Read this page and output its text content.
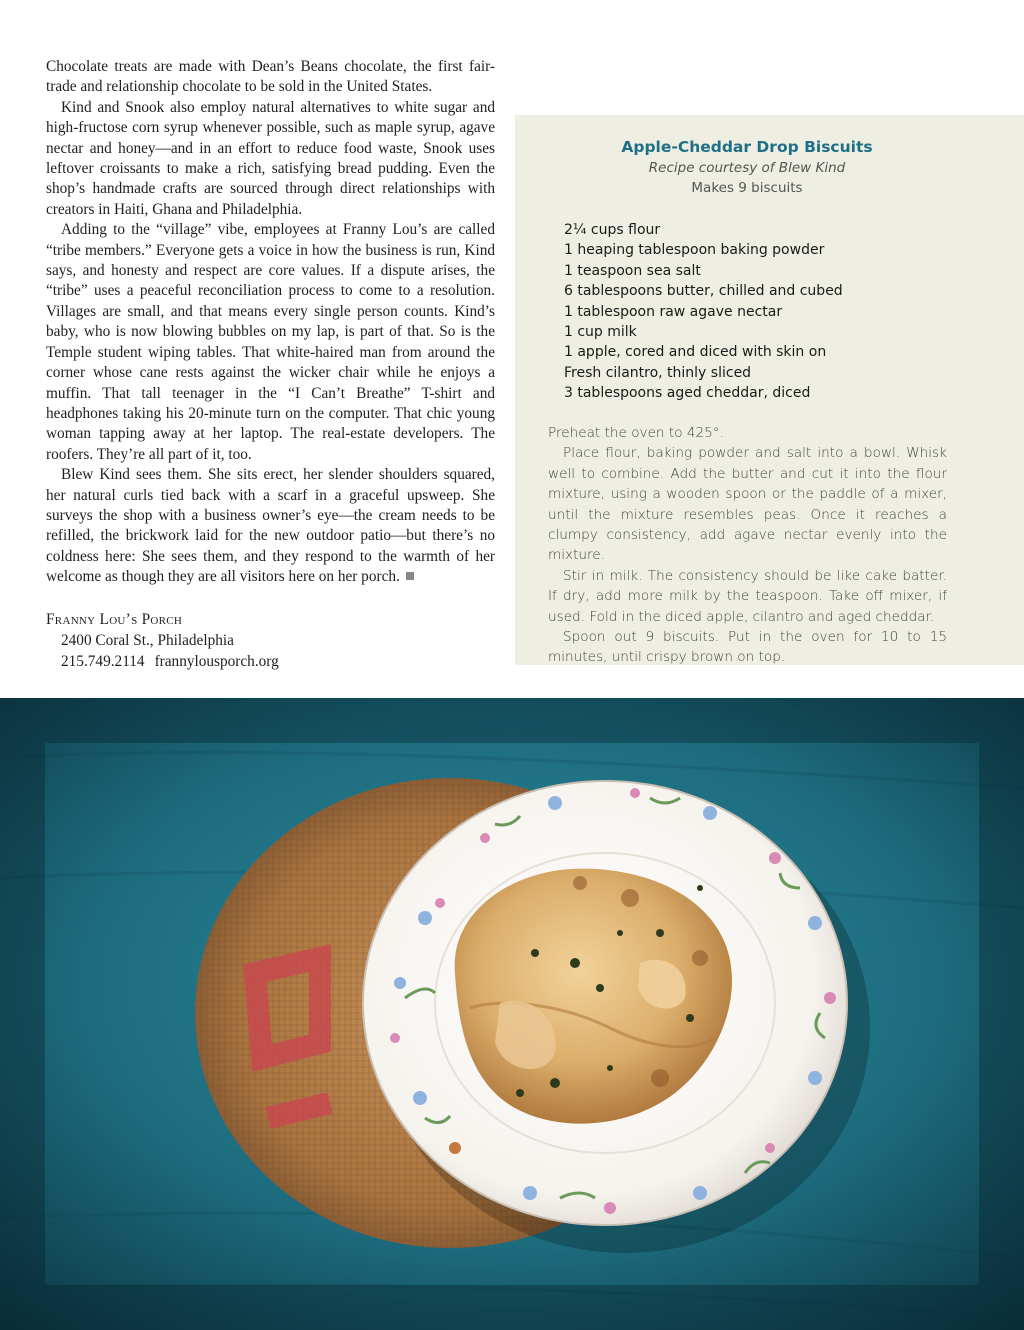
Chocolate treats are made with Dean’s Beans chocolate, the first fair-trade and relationship chocolate to be sold in the United States.

Kind and Snook also employ natural alternatives to white sugar and high-fructose corn syrup whenever possible, such as maple syrup, agave nectar and honey—and in an effort to reduce food waste, Snook uses leftover croissants to make a rich, satisfying bread pudding. Even the shop’s handmade crafts are sourced through direct relationships with creators in Haiti, Ghana and Philadelphia.

Adding to the “village” vibe, employees at Franny Lou’s are called “tribe members.” Everyone gets a voice in how the business is run, Kind says, and honesty and respect are core values. If a dispute arises, the “tribe” uses a peaceful reconciliation process to come to a resolution. Villages are small, and that means every single person counts. Kind’s baby, who is now blowing bubbles on my lap, is part of that. So is the Temple student wiping tables. That white-haired man from around the corner whose cane rests against the wicker chair while he enjoys a muffin. That tall teenager in the “I Can’t Breathe” T-shirt and headphones taking his 20-minute turn on the computer. That chic young woman tapping away at her laptop. The real-estate developers. The roofers. They’re all part of it, too.

Blew Kind sees them. She sits erect, her slender shoulders squared, her natural curls tied back with a scarf in a graceful upsweep. She surveys the shop with a business owner’s eye—the cream needs to be refilled, the brickwork laid for the new outdoor patio—but there’s no coldness here: She sees them, and they respond to the warmth of her welcome as though they are all visitors here on her porch.

Franny Lou’s Porch
2400 Coral St., Philadelphia
215.749.2114 frannylousporch.org
Apple-Cheddar Drop Biscuits
Recipe courtesy of Blew Kind
Makes 9 biscuits
2¼ cups flour
1 heaping tablespoon baking powder
1 teaspoon sea salt
6 tablespoons butter, chilled and cubed
1 tablespoon raw agave nectar
1 cup milk
1 apple, cored and diced with skin on
Fresh cilantro, thinly sliced
3 tablespoons aged cheddar, diced

Preheat the oven to 425°.

Place flour, baking powder and salt into a bowl. Whisk well to combine. Add the butter and cut it into the flour mixture, using a wooden spoon or the paddle of a mixer, until the mixture resembles peas. Once it reaches a clumpy consistency, add agave nectar evenly into the mixture.

Stir in milk. The consistency should be like cake batter. If dry, add more milk by the teaspoon. Take off mixer, if used. Fold in the diced apple, cilantro and aged cheddar.

Spoon out 9 biscuits. Put in the oven for 10 to 15 minutes, until crispy brown on top.
